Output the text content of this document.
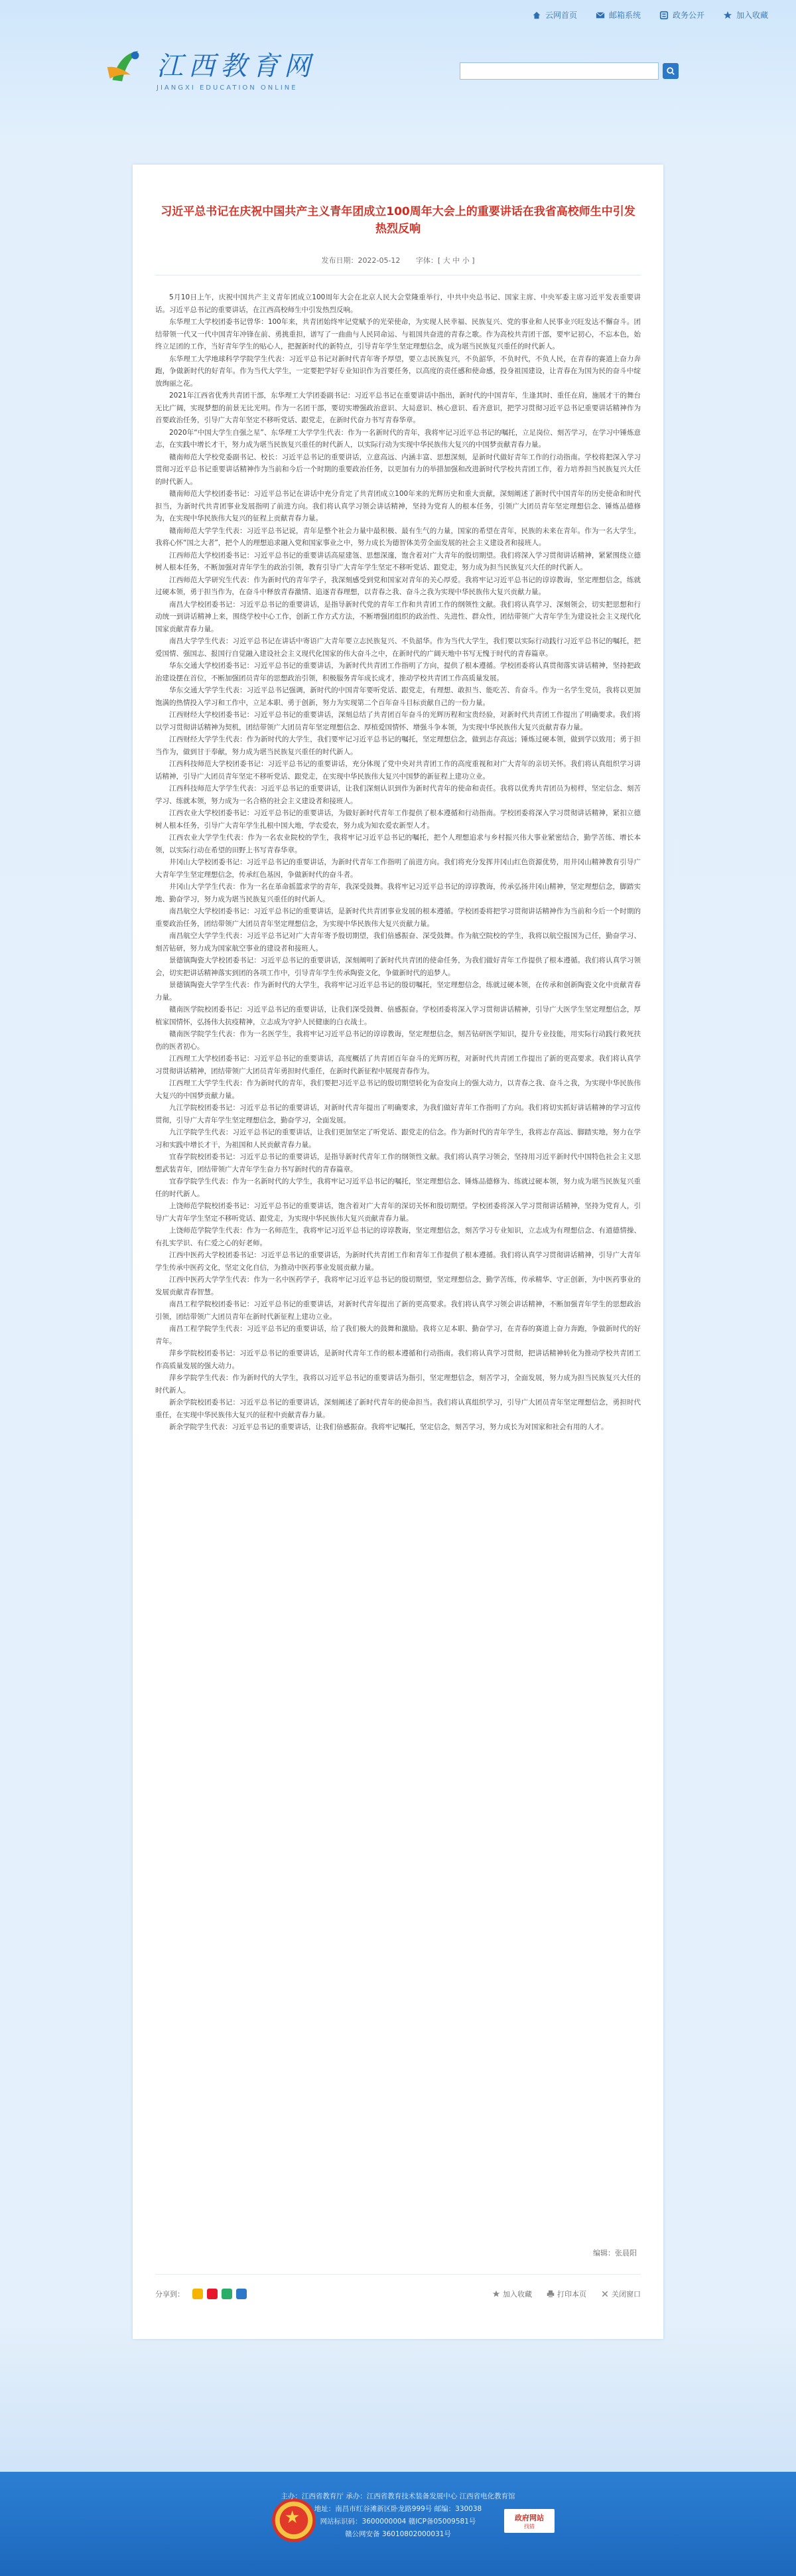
云网首页	邮箱系统	政务公开	加入收藏
江西教育网
JIANGXI EDUCATION ONLINE
习近平总书记在庆祝中国共产主义青年团成立100周年大会上的重要讲话在我省高校师生中引发热烈反响
发布日期：2022-05-12 字体：[ 大 中 小 ]

5月10日上午，庆祝中国共产主义青年团成立100周年大会在北京人民大会堂隆重举行，中共中央总书记、国家主席、中央军委主席习近平发表重要讲话。习近平总书记的重要讲话，在江西高校师生中引发热烈反响。

东华理工大学校团委书记曾华：100年来，共青团始终牢记党赋予的光荣使命，为实现人民幸福、民族复兴、党的事业和人民事业兴旺发达不懈奋斗。团结带领一代又一代中国青年冲锋在前、勇挑重担，谱写了一曲曲与人民同命运、与祖国共奋进的青春之歌。作为高校共青团干部，要牢记初心，不忘本色，始终立足团的工作，当好青年学生的贴心人，把握新时代的新特点，引导青年学生坚定理想信念，成为堪当民族复兴重任的时代新人。

东华理工大学地球科学学院学生代表：习近平总书记对新时代青年寄予厚望，要立志民族复兴，不负韶华，不负时代，不负人民，在青春的赛道上奋力奔跑，争做新时代的好青年。作为当代大学生，一定要把学好专业知识作为首要任务，以高度的责任感和使命感，投身祖国建设，让青春在为国为民的奋斗中绽放绚丽之花。

2021年江西省优秀共青团干部，东华理工大学团委副书记：习近平总书记在重要讲话中指出，新时代的中国青年，生逢其时、重任在肩，施展才干的舞台无比广阔，实现梦想的前景无比光明。作为一名团干部，要切实增强政治意识、大局意识、核心意识、看齐意识，把学习贯彻习近平总书记重要讲话精神作为首要政治任务，引导广大青年坚定不移听党话、跟党走，在新时代奋力书写青春华章。

2020年“中国大学生自强之星”、东华理工大学学生代表：作为一名新时代的青年，我将牢记习近平总书记的嘱托，立足岗位、刻苦学习，在学习中锤炼意志，在实践中增长才干，努力成为堪当民族复兴重任的时代新人，以实际行动为实现中华民族伟大复兴的中国梦贡献青春力量。

赣南师范大学校党委副书记、校长：习近平总书记的重要讲话，立意高远、内涵丰富、思想深刻，是新时代做好青年工作的行动指南。学校将把深入学习贯彻习近平总书记重要讲话精神作为当前和今后一个时期的重要政治任务，以更加有力的举措加强和改进新时代学校共青团工作，着力培养担当民族复兴大任的时代新人。

赣南师范大学校团委书记：习近平总书记在讲话中充分肯定了共青团成立100年来的光辉历史和重大贡献，深刻阐述了新时代中国青年的历史使命和时代担当，为新时代共青团事业发展指明了前进方向。我们将认真学习领会讲话精神，坚持为党育人的根本任务，引领广大团员青年坚定理想信念、锤炼品德修为，在实现中华民族伟大复兴的征程上贡献青春力量。

赣南师范大学学生代表：习近平总书记说，青年是整个社会力量中最积极、最有生气的力量，国家的希望在青年，民族的未来在青年。作为一名大学生，我将心怀“国之大者”，把个人的理想追求融入党和国家事业之中，努力成长为德智体美劳全面发展的社会主义建设者和接班人。

江西师范大学校团委书记：习近平总书记的重要讲话高屋建瓴、思想深邃，饱含着对广大青年的殷切期望。我们将深入学习贯彻讲话精神，紧紧围绕立德树人根本任务，不断加强对青年学生的政治引领，教育引导广大青年学生坚定不移听党话、跟党走，努力成为担当民族复兴大任的时代新人。

江西师范大学研究生代表：作为新时代的青年学子，我深刻感受到党和国家对青年的关心厚爱。我将牢记习近平总书记的谆谆教诲，坚定理想信念，练就过硬本领，勇于担当作为，在奋斗中释放青春激情、追逐青春理想，以青春之我、奋斗之我为实现中华民族伟大复兴贡献力量。

南昌大学校团委书记：习近平总书记的重要讲话，是指导新时代党的青年工作和共青团工作的纲领性文献。我们将认真学习、深刻领会，切实把思想和行动统一到讲话精神上来，围绕学校中心工作，创新工作方式方法，不断增强团组织的政治性、先进性、群众性，团结带领广大青年学生为建设社会主义现代化国家贡献青春力量。

南昌大学学生代表：习近平总书记在讲话中寄语广大青年要立志民族复兴、不负韶华。作为当代大学生，我们要以实际行动践行习近平总书记的嘱托，把爱国情、强国志、报国行自觉融入建设社会主义现代化国家的伟大奋斗之中，在新时代的广阔天地中书写无愧于时代的青春篇章。

华东交通大学校团委书记：习近平总书记的重要讲话，为新时代共青团工作指明了方向，提供了根本遵循。学校团委将认真贯彻落实讲话精神，坚持把政治建设摆在首位，不断加强团员青年的思想政治引领，积极服务青年成长成才，推动学校共青团工作高质量发展。

华东交通大学学生代表：习近平总书记强调，新时代的中国青年要听党话、跟党走，有理想、敢担当、能吃苦、肯奋斗。作为一名学生党员，我将以更加饱满的热情投入学习和工作中，立足本职、勇于创新，努力为实现第二个百年奋斗目标贡献自己的一份力量。

江西财经大学校团委书记：习近平总书记的重要讲话，深刻总结了共青团百年奋斗的光辉历程和宝贵经验，对新时代共青团工作提出了明确要求。我们将以学习贯彻讲话精神为契机，团结带领广大团员青年坚定理想信念、厚植爱国情怀、增强斗争本领，为实现中华民族伟大复兴贡献青春力量。

江西财经大学学生代表：作为新时代的大学生，我们要牢记习近平总书记的嘱托，坚定理想信念，做到志存高远；锤炼过硬本领，做到学以致用；勇于担当作为，做到甘于奉献，努力成为堪当民族复兴重任的时代新人。

江西科技师范大学校团委书记：习近平总书记的重要讲话，充分体现了党中央对共青团工作的高度重视和对广大青年的亲切关怀。我们将认真组织学习讲话精神，引导广大团员青年坚定不移听党话、跟党走，在实现中华民族伟大复兴中国梦的新征程上建功立业。

江西科技师范大学学生代表：习近平总书记的重要讲话，让我们深刻认识到作为新时代青年的使命和责任。我将以优秀共青团员为榜样，坚定信念、刻苦学习、练就本领，努力成为一名合格的社会主义建设者和接班人。

江西农业大学校团委书记：习近平总书记的重要讲话，为做好新时代青年工作提供了根本遵循和行动指南。学校团委将深入学习贯彻讲话精神，紧扣立德树人根本任务，引导广大青年学生扎根中国大地，学农爱农，努力成为知农爱农新型人才。

江西农业大学学生代表：作为一名农业院校的学生，我将牢记习近平总书记的嘱托，把个人理想追求与乡村振兴伟大事业紧密结合，勤学苦练、增长本领，以实际行动在希望的田野上书写青春华章。

井冈山大学校团委书记：习近平总书记的重要讲话，为新时代青年工作指明了前进方向。我们将充分发挥井冈山红色资源优势，用井冈山精神教育引导广大青年学生坚定理想信念，传承红色基因，争做新时代的奋斗者。

井冈山大学学生代表：作为一名在革命摇篮求学的青年，我深受鼓舞。我将牢记习近平总书记的谆谆教诲，传承弘扬井冈山精神，坚定理想信念，脚踏实地、勤奋学习，努力成为堪当民族复兴重任的时代新人。

南昌航空大学校团委书记：习近平总书记的重要讲话，是新时代共青团事业发展的根本遵循。学校团委将把学习贯彻讲话精神作为当前和今后一个时期的重要政治任务，团结带领广大团员青年坚定理想信念，为实现中华民族伟大复兴贡献力量。

南昌航空大学学生代表：习近平总书记对广大青年寄予殷切期望，我们倍感振奋、深受鼓舞。作为航空院校的学生，我将以航空报国为己任，勤奋学习、刻苦钻研，努力成为国家航空事业的建设者和接班人。

景德镇陶瓷大学校团委书记：习近平总书记的重要讲话，深刻阐明了新时代共青团的使命任务，为我们做好青年工作提供了根本遵循。我们将认真学习领会，切实把讲话精神落实到团的各项工作中，引导青年学生传承陶瓷文化，争做新时代的追梦人。

景德镇陶瓷大学学生代表：作为新时代的大学生，我将牢记习近平总书记的殷切嘱托，坚定理想信念，练就过硬本领，在传承和创新陶瓷文化中贡献青春力量。

赣南医学院校团委书记：习近平总书记的重要讲话，让我们深受鼓舞、倍感振奋。学校团委将深入学习贯彻讲话精神，引导广大医学生坚定理想信念，厚植家国情怀，弘扬伟大抗疫精神，立志成为守护人民健康的白衣战士。

赣南医学院学生代表：作为一名医学生，我将牢记习近平总书记的谆谆教诲，坚定理想信念，刻苦钻研医学知识，提升专业技能，用实际行动践行救死扶伤的医者初心。

江西理工大学校团委书记：习近平总书记的重要讲话，高度概括了共青团百年奋斗的光辉历程，对新时代共青团工作提出了新的更高要求。我们将认真学习贯彻讲话精神，团结带领广大团员青年勇担时代重任，在新时代新征程中展现青春作为。

江西理工大学学生代表：作为新时代的青年，我们要把习近平总书记的殷切期望转化为奋发向上的强大动力，以青春之我、奋斗之我，为实现中华民族伟大复兴的中国梦贡献力量。

九江学院校团委书记：习近平总书记的重要讲话，对新时代青年提出了明确要求，为我们做好青年工作指明了方向。我们将切实抓好讲话精神的学习宣传贯彻，引导广大青年学生坚定理想信念，勤奋学习，全面发展。

九江学院学生代表：习近平总书记的重要讲话，让我们更加坚定了听党话、跟党走的信念。作为新时代的青年学生，我将志存高远、脚踏实地，努力在学习和实践中增长才干，为祖国和人民贡献青春力量。

宜春学院校团委书记：习近平总书记的重要讲话，是指导新时代青年工作的纲领性文献。我们将认真学习领会，坚持用习近平新时代中国特色社会主义思想武装青年，团结带领广大青年学生奋力书写新时代的青春篇章。

宜春学院学生代表：作为一名新时代的大学生，我将牢记习近平总书记的嘱托，坚定理想信念、锤炼品德修为、练就过硬本领，努力成为堪当民族复兴重任的时代新人。

上饶师范学院校团委书记：习近平总书记的重要讲话，饱含着对广大青年的深切关怀和殷切期望。学校团委将深入学习贯彻讲话精神，坚持为党育人，引导广大青年学生坚定不移听党话、跟党走，为实现中华民族伟大复兴贡献青春力量。

上饶师范学院学生代表：作为一名师范生，我将牢记习近平总书记的谆谆教诲，坚定理想信念，刻苦学习专业知识，立志成为有理想信念、有道德情操、有扎实学识、有仁爱之心的好老师。

江西中医药大学校团委书记：习近平总书记的重要讲话，为新时代共青团工作和青年工作提供了根本遵循。我们将认真学习贯彻讲话精神，引导广大青年学生传承中医药文化，坚定文化自信，为推动中医药事业发展贡献力量。

江西中医药大学学生代表：作为一名中医药学子，我将牢记习近平总书记的殷切期望，坚定理想信念，勤学苦练，传承精华、守正创新，为中医药事业的发展贡献青春智慧。

南昌工程学院校团委书记：习近平总书记的重要讲话，对新时代青年提出了新的更高要求。我们将认真学习领会讲话精神，不断加强青年学生的思想政治引领，团结带领广大团员青年在新时代新征程上建功立业。

南昌工程学院学生代表：习近平总书记的重要讲话，给了我们极大的鼓舞和激励。我将立足本职、勤奋学习，在青春的赛道上奋力奔跑，争做新时代的好青年。

萍乡学院校团委书记：习近平总书记的重要讲话，是新时代青年工作的根本遵循和行动指南。我们将认真学习贯彻，把讲话精神转化为推动学校共青团工作高质量发展的强大动力。

萍乡学院学生代表：作为新时代的大学生，我将以习近平总书记的重要讲话为指引，坚定理想信念，刻苦学习，全面发展，努力成为担当民族复兴大任的时代新人。

新余学院校团委书记：习近平总书记的重要讲话，深刻阐述了新时代青年的使命担当。我们将认真组织学习，引导广大团员青年坚定理想信念，勇担时代重任，在实现中华民族伟大复兴的征程中贡献青春力量。

新余学院学生代表：习近平总书记的重要讲话，让我们倍感振奋。我将牢记嘱托，坚定信念，刻苦学习，努力成长为对国家和社会有用的人才。

编辑：张晨阳
分享到：	加入收藏	打印本页	关闭窗口
★
主办：江西省教育厅 承办：江西省教育技术装备发展中心 江西省电化教育馆
地址：南昌市红谷滩新区卧龙路999号 邮编：330038
网站标识码：3600000004 赣ICP备05009581号
赣公网安备 36010802000031号
政府网站
找错
